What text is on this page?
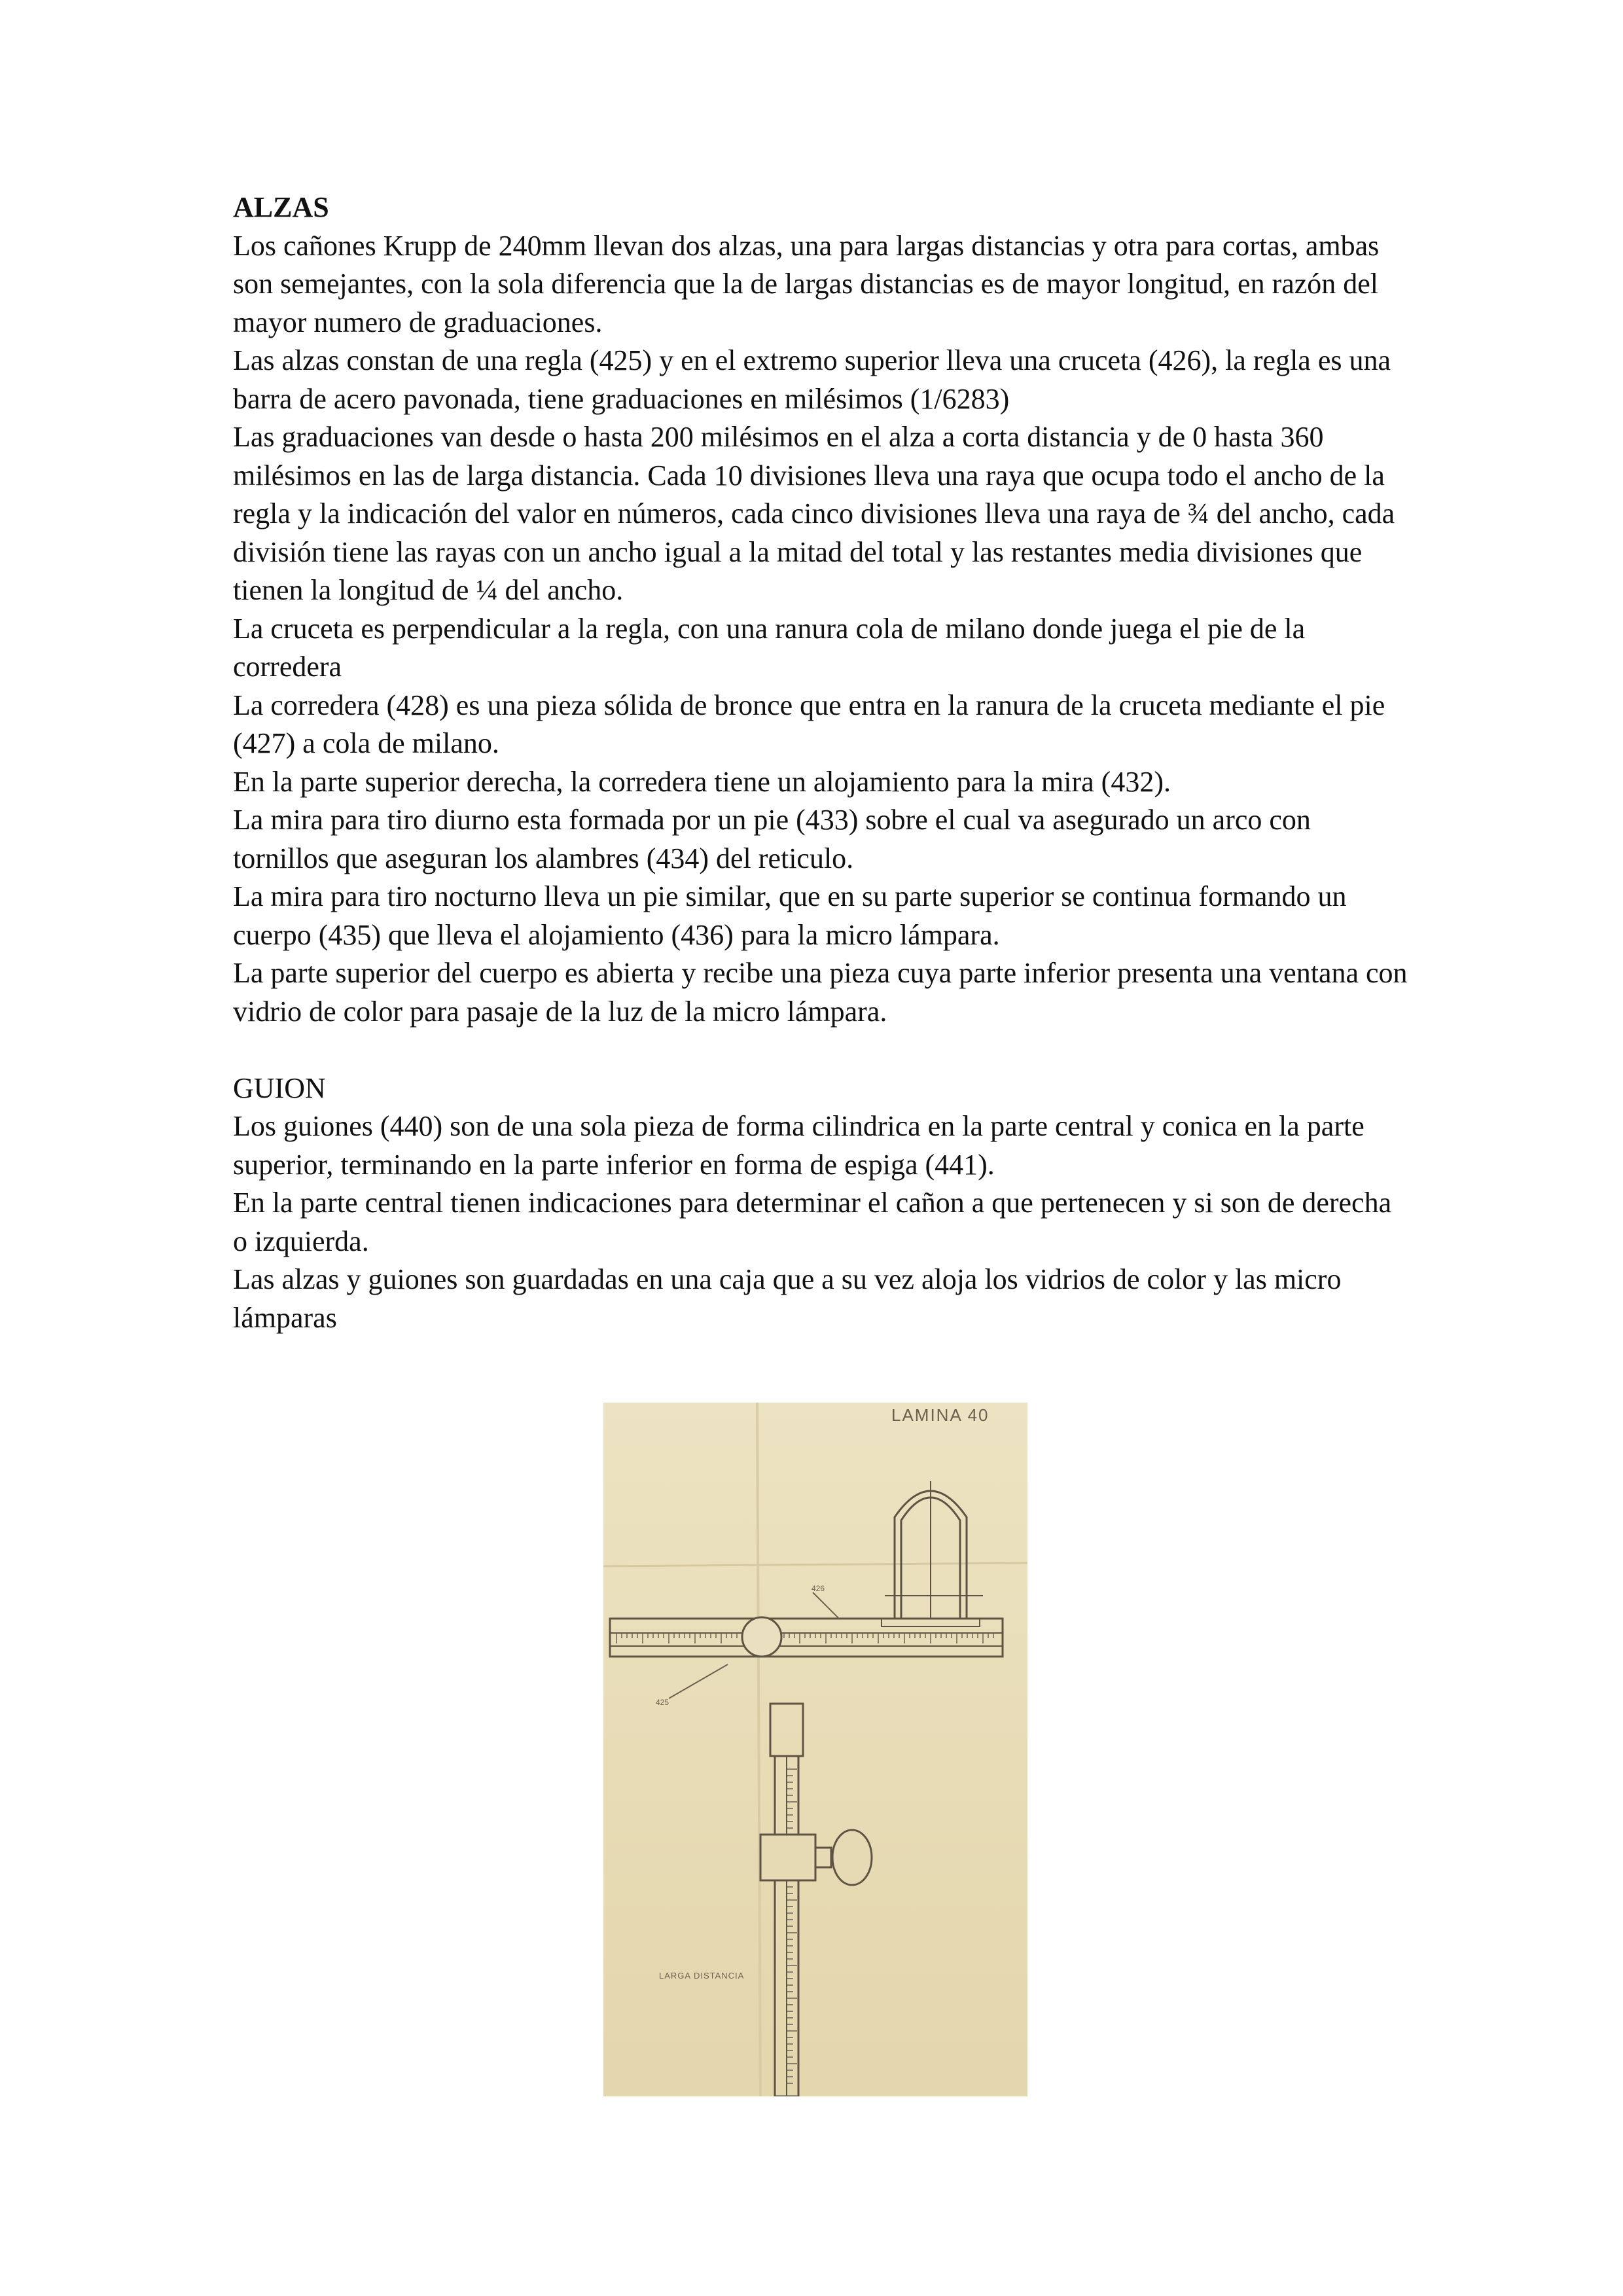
ALZAS

Los cañones Krupp de 240mm llevan dos alzas, una para largas distancias y otra para cortas, ambas son semejantes, con la sola diferencia que la de largas distancias es de mayor longitud, en razón del mayor numero de graduaciones.

Las alzas constan de una regla (425) y en el extremo superior lleva una cruceta (426), la regla es una barra de acero pavonada, tiene graduaciones en milésimos (1/6283)

Las graduaciones van desde o hasta 200 milésimos en el alza a corta distancia y de 0 hasta 360 milésimos en las de larga distancia. Cada 10 divisiones lleva una raya que ocupa todo el ancho de la regla y la indicación del valor en números, cada cinco divisiones lleva una raya de ¾ del ancho, cada división tiene las rayas con un ancho igual a la mitad del total y las restantes media divisiones que tienen la longitud de ¼ del ancho.

La cruceta es perpendicular a la regla, con una ranura cola de milano donde juega el pie de la corredera

La corredera (428) es una pieza sólida de bronce que entra en la ranura de la cruceta mediante el pie (427) a cola de milano.

En la parte superior derecha, la corredera tiene un alojamiento para la mira (432).

La mira para tiro diurno esta formada por un pie (433) sobre el cual va asegurado un arco con tornillos que aseguran los alambres (434) del reticulo.

La mira para tiro nocturno lleva un pie similar, que en su parte superior se continua formando un cuerpo (435) que lleva el alojamiento (436) para la micro lámpara.

La parte superior del cuerpo es abierta y recibe una pieza cuya parte inferior presenta una ventana con vidrio de color para pasaje de la luz de la micro lámpara.

GUION

Los guiones (440) son de una sola pieza de forma cilindrica en la parte central y conica en la parte superior, terminando en la parte inferior en forma de espiga (441).

En la parte central tienen indicaciones para determinar el cañon a que pertenecen y si son de derecha o izquierda.

Las alzas y guiones son guardadas en una caja que a su vez aloja los vidrios de color y las micro lámparas

LAMINA 40
426
425
LARGA DISTANCIA
